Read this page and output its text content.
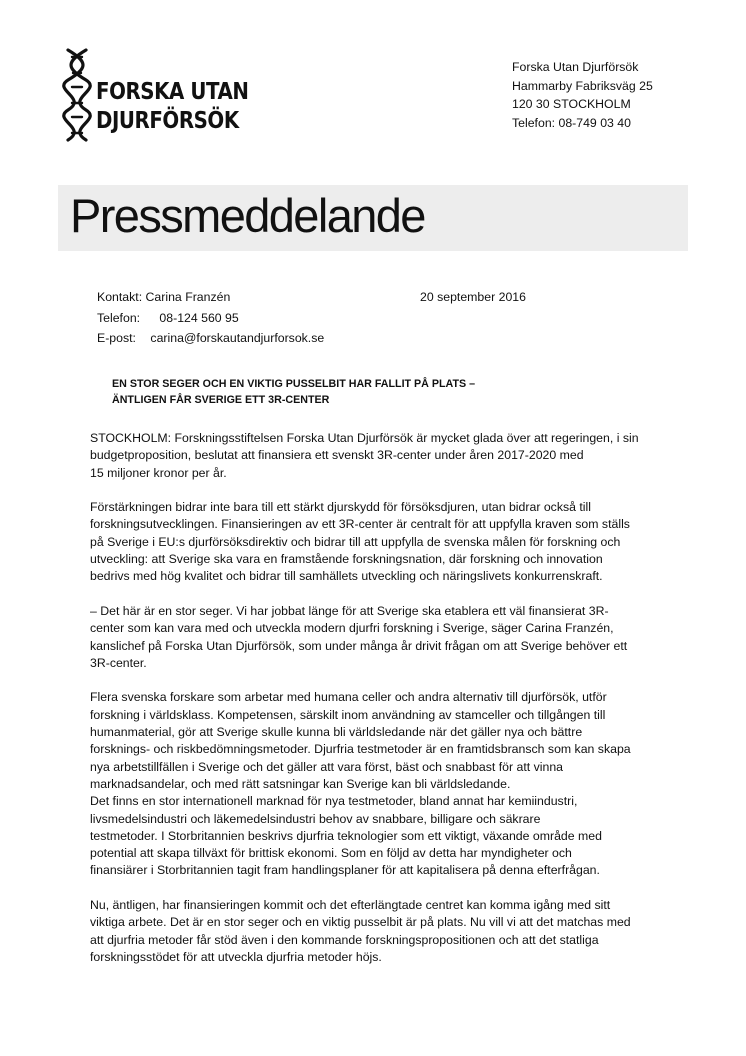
FORSKA UTAN
DJURFÖRSÖK
Forska Utan Djurförsök
Hammarby Fabriksväg 25
120 30 STOCKHOLM
Telefon: 08-749 03 40
Pressmeddelande
Kontakt: Carina Franzén
Telefon: 08-124 560 95
E-post: carina@forskautandjurforsok.se
20 september 2016
EN STOR SEGER OCH EN VIKTIG PUSSELBIT HAR FALLIT PÅ PLATS –
ÄNTLIGEN FÅR SVERIGE ETT 3R-CENTER

STOCKHOLM: Forskningsstiftelsen Forska Utan Djurförsök är mycket glada över att regeringen, i sin
budgetproposition, beslutat att finansiera ett svenskt 3R-center under åren 2017-2020 med
15 miljoner kronor per år.

Förstärkningen bidrar inte bara till ett stärkt djurskydd för försöksdjuren, utan bidrar också till
forskningsutvecklingen. Finansieringen av ett 3R-center är centralt för att uppfylla kraven som ställs
på Sverige i EU:s djurförsöksdirektiv och bidrar till att uppfylla de svenska målen för forskning och
utveckling: att Sverige ska vara en framstående forskningsnation, där forskning och innovation
bedrivs med hög kvalitet och bidrar till samhällets utveckling och näringslivets konkurrenskraft.

– Det här är en stor seger. Vi har jobbat länge för att Sverige ska etablera ett väl finansierat 3R-
center som kan vara med och utveckla modern djurfri forskning i Sverige, säger Carina Franzén,
kanslichef på Forska Utan Djurförsök, som under många år drivit frågan om att Sverige behöver ett
3R-center.

Flera svenska forskare som arbetar med humana celler och andra alternativ till djurförsök, utför
forskning i världsklass. Kompetensen, särskilt inom användning av stamceller och tillgången till
humanmaterial, gör att Sverige skulle kunna bli världsledande när det gäller nya och bättre
forsknings- och riskbedömningsmetoder. Djurfria testmetoder är en framtidsbransch som kan skapa
nya arbetstillfällen i Sverige och det gäller att vara först, bäst och snabbast för att vinna
marknadsandelar, och med rätt satsningar kan Sverige kan bli världsledande.

Det finns en stor internationell marknad för nya testmetoder, bland annat har kemiindustri,
livsmedelsindustri och läkemedelsindustri behov av snabbare, billigare och säkrare
testmetoder. I Storbritannien beskrivs djurfria teknologier som ett viktigt, växande område med
potential att skapa tillväxt för brittisk ekonomi. Som en följd av detta har myndigheter och
finansiärer i Storbritannien tagit fram handlingsplaner för att kapitalisera på denna efterfrågan.

Nu, äntligen, har finansieringen kommit och det efterlängtade centret kan komma igång med sitt
viktiga arbete. Det är en stor seger och en viktig pusselbit är på plats. Nu vill vi att det matchas med
att djurfria metoder får stöd även i den kommande forskningspropositionen och att det statliga
forskningsstödet för att utveckla djurfria metoder höjs.
